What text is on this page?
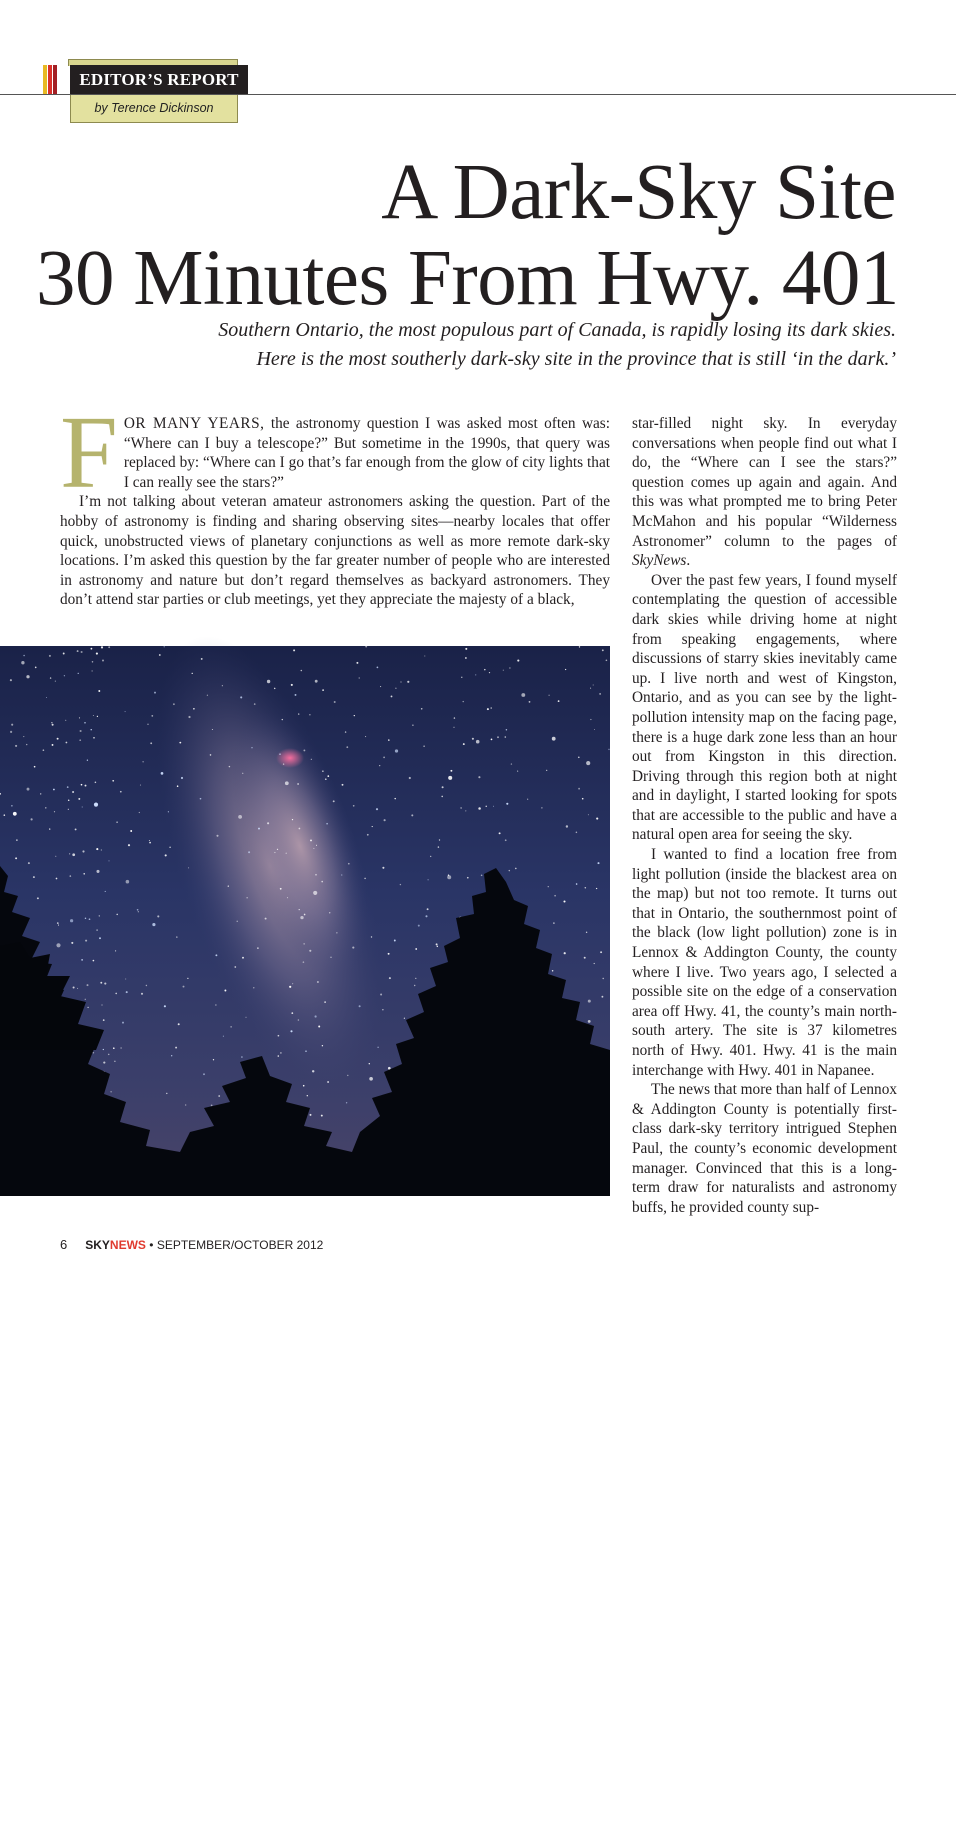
EDITOR’S REPORT
by Terence Dickinson
A Dark-Sky Site
30 Minutes From Hwy. 401
Southern Ontario, the most populous part of Canada, is rapidly losing its dark skies.
Here is the most southerly dark-sky site in the province that is still ‘in the dark.’

FOR MANY YEARS, the astronomy question I was asked most often was: “Where can I buy a telescope?” But sometime in the 1990s, that query was replaced by: “Where can I go that’s far enough from the glow of city lights that I can really see the stars?”

I’m not talking about veteran amateur astronomers asking the question. Part of the hobby of astronomy is finding and sharing observing sites—nearby locales that offer quick, unobstructed views of planetary conjunctions as well as more remote dark-sky locations. I’m asked this question by the far greater number of people who are interested in astronomy and nature but don’t regard themselves as backyard astronomers. They don’t attend star parties or club meetings, yet they appreciate the majesty of a black,

star-filled night sky. In everyday conversations when people find out what I do, the “Where can I see the stars?” question comes up again and again. And this was what prompted me to bring Peter McMahon and his popular “Wilderness Astronomer” column to the pages of SkyNews.

Over the past few years, I found myself contemplating the question of accessible dark skies while driving home at night from speaking engagements, where discussions of starry skies inevitably came up. I live north and west of Kingston, Ontario, and as you can see by the light-pollution intensity map on the facing page, there is a huge dark zone less than an hour out from Kingston in this direction. Driving through this region both at night and in daylight, I started looking for spots that are accessible to the public and have a natural open area for seeing the sky.

I wanted to find a location free from light pollution (inside the blackest area on the map) but not too remote. It turns out that in Ontario, the southernmost point of the black (low light pollution) zone is in Lennox & Addington County, the county where I live. Two years ago, I selected a possible site on the edge of a conservation area off Hwy. 41, the county’s main north-south artery. The site is 37 kilometres north of Hwy. 401. Hwy. 41 is the main interchange with Hwy. 401 in Napanee.

The news that more than half of Lennox & Addington County is potentially first-class dark-sky territory intrigued Stephen Paul, the county’s economic development manager. Convinced that this is a long-term draw for naturalists and astronomy buffs, he provided county sup-

DEEP SOUTH The Sagittarius star cloud at centre and, below it, the brilliant star cluster M7—both prominent in this shot taken from the L&A County Dark Sky Viewing Site—mark the core region of our Milky Way Galaxy. PHOTO BY TERENCE DICKINSON
6 SKYNEWS • SEPTEMBER/OCTOBER 2012
